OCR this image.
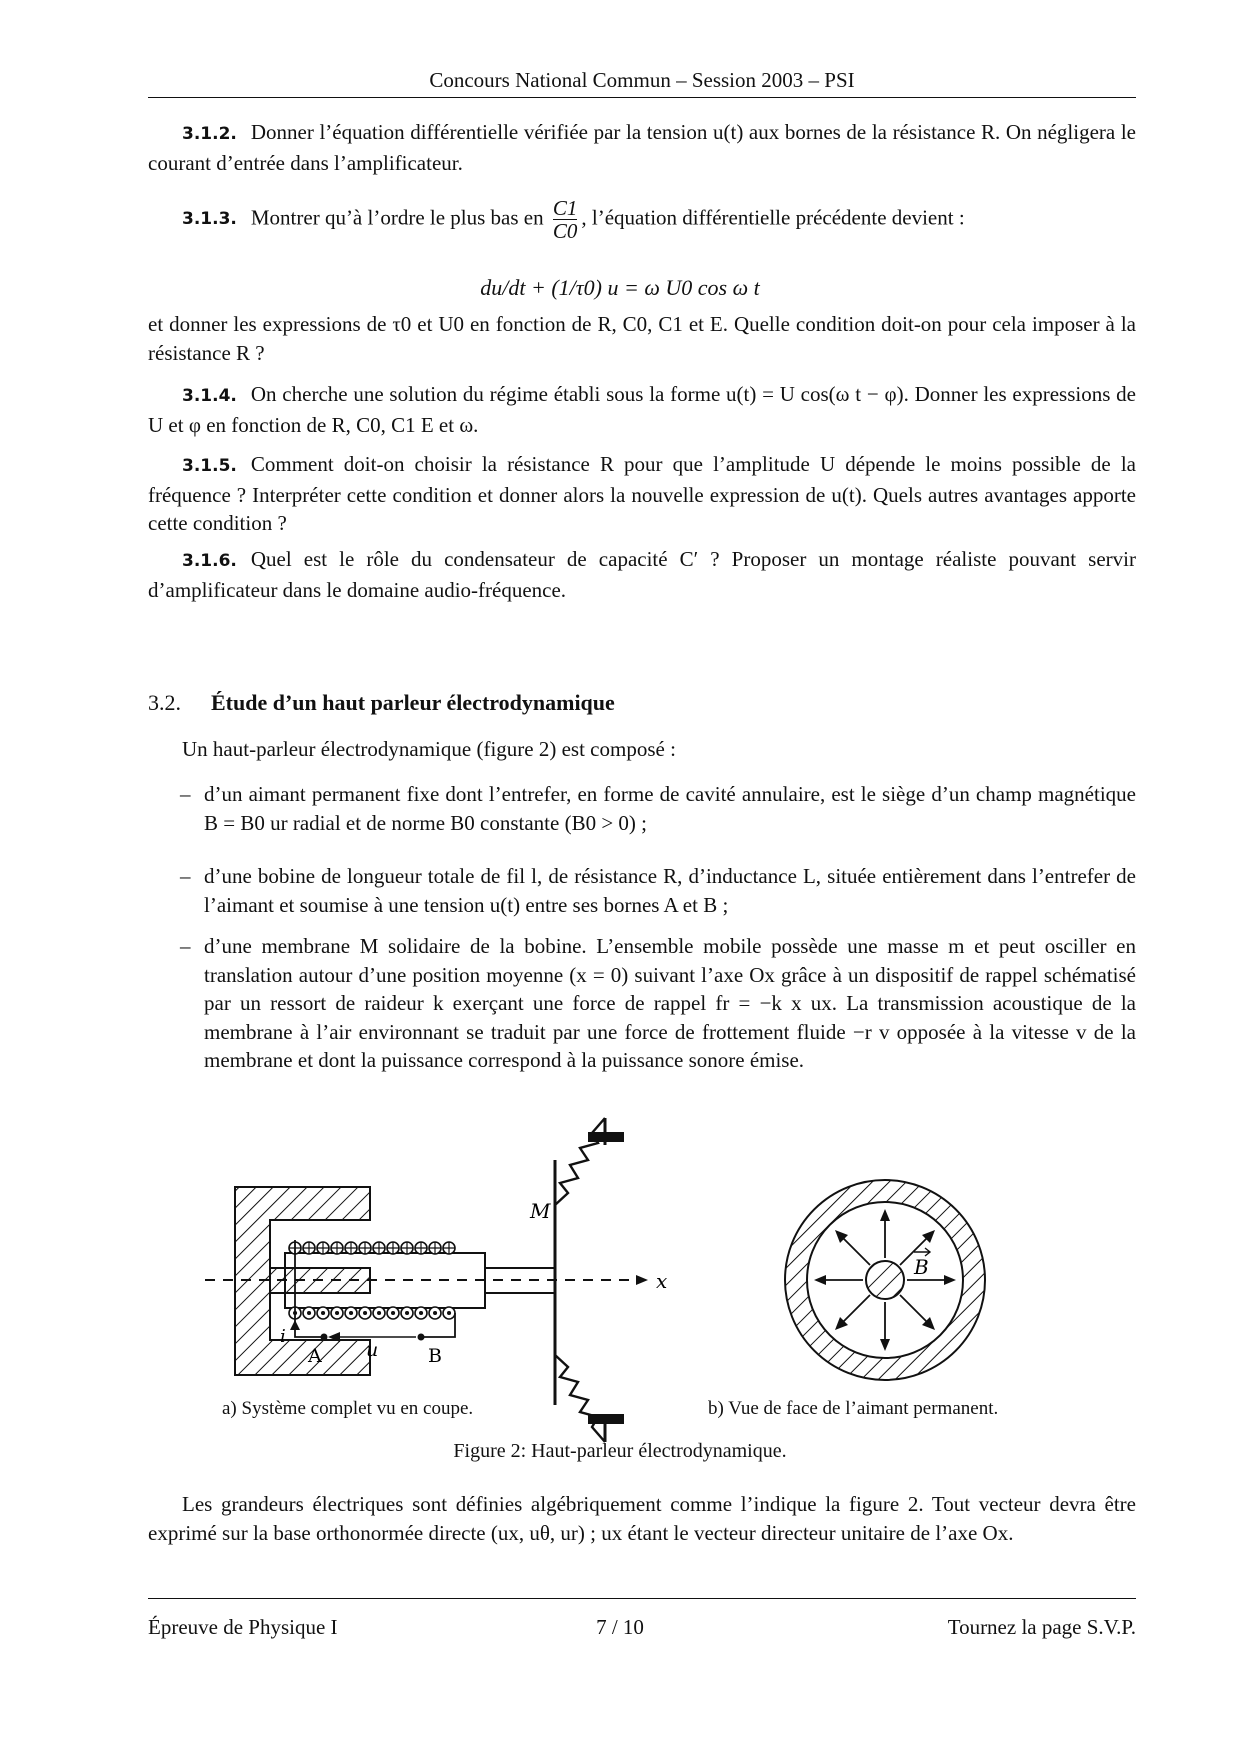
Concours National Commun – Session 2003 – PSI
3.1.2. Donner l’équation différentielle vérifiée par la tension u(t) aux bornes de la résistance R. On négligera le courant d’entrée dans l’amplificateur.
3.1.3. Montrer qu’à l’ordre le plus bas en $\frac{C1}{C0}$ , l’équation différentielle précédente devient :
du/dt + (1/τ0) u = ω U0 cos ω t
et donner les expressions de τ0 et U0 en fonction de R, C0, C1 et E. Quelle condition doit-on pour cela imposer à la résistance R ?
3.1.4. On cherche une solution du régime établi sous la forme u(t) = U cos(ω t − φ). Donner les expressions de U et φ en fonction de R, C0, C1 E et ω.
3.1.5. Comment doit-on choisir la résistance R pour que l’amplitude U dépende le moins possible de la fréquence ? Interpréter cette condition et donner alors la nouvelle expression de u(t). Quels autres avantages apporte cette condition ?
3.1.6. Quel est le rôle du condensateur de capacité C′ ? Proposer un montage réaliste pouvant servir d’amplificateur dans le domaine audio-fréquence.
3.2. Étude d’un haut parleur électrodynamique
Un haut-parleur électrodynamique (figure 2) est composé :
– d’un aimant permanent fixe dont l’entrefer, en forme de cavité annulaire, est le siège d’un champ magnétique B = B0 ur radial et de norme B0 constante (B0 > 0) ;
– d’une bobine de longueur totale de fil l, de résistance R, d’inductance L, située entièrement dans l’entrefer de l’aimant et soumise à une tension u(t) entre ses bornes A et B ;
– d’une membrane M solidaire de la bobine. L’ensemble mobile possède une masse m et peut osciller en translation autour d’une position moyenne (x = 0) suivant l’axe Ox grâce à un dispositif de rappel schématisé par un ressort de raideur k exerçant une force de rappel fr = −k x ux. La transmission acoustique de la membrane à l’air environnant se traduit par une force de frottement fluide −r v opposée à la vitesse v de la membrane et dont la puissance correspond à la puissance sonore émise.
M
x
i
A u	B
B
a) Système complet vu en coupe.	b) Vue de face de l’aimant permanent.
Figure 2: Haut-parleur électrodynamique.
Les grandeurs électriques sont définies algébriquement comme l’indique la figure 2. Tout vecteur devra être exprimé sur la base orthonormée directe (ux, uθ, ur) ; ux étant le vecteur directeur unitaire de l’axe Ox.
Épreuve de Physique I	7 / 10	Tournez la page S.V.P.
